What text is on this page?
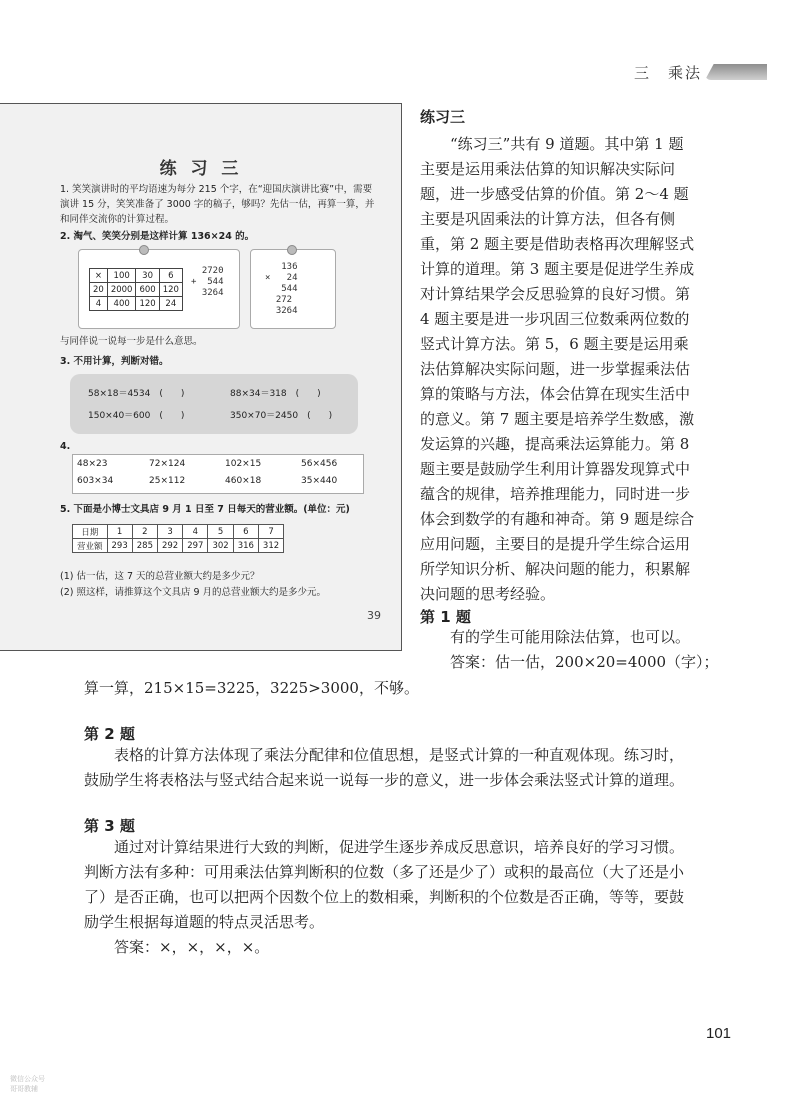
三　乘法
练 习 三
1. 笑笑演讲时的平均语速为每分 215 个字，在“迎国庆演讲比赛”中，需要演讲 15 分，笑笑准备了 3000 字的稿子，够吗？先估一估，再算一算，并和同伴交流你的计算过程。
2. 淘气、笑笑分别是这样计算 136×24 的。
×	100	30	6
20	2000	600	120
4	400	120	24
2720
+  544
3264
136
×   24
544
272
3264
与同伴说一说每一步是什么意思。
3. 不用计算，判断对错。
58×18＝4534　(　　)	88×34＝318　(　　)
150×40＝600　(　　)	350×70＝2450　(　　)
4.
48×23	72×124	102×15	56×456
603×34	25×112	460×18	35×440
5. 下面是小博士文具店 9 月 1 日至 7 日每天的营业额。(单位：元)
日期	1	2	3	4	5	6	7
营业额	293	285	292	297	302	316	312
(1) 估一估，这 7 天的总营业额大约是多少元？
(2) 照这样，请推算这个文具店 9 月的总营业额大约是多少元。
39
练习三
“练习三”共有 9 道题。其中第 1 题
主要是运用乘法估算的知识解决实际问
题，进一步感受估算的价值。第 2～4 题
主要是巩固乘法的计算方法，但各有侧
重，第 2 题主要是借助表格再次理解竖式
计算的道理。第 3 题主要是促进学生养成
对计算结果学会反思验算的良好习惯。第
4 题主要是进一步巩固三位数乘两位数的
竖式计算方法。第 5，6 题主要是运用乘
法估算解决实际问题，进一步掌握乘法估
算的策略与方法，体会估算在现实生活中
的意义。第 7 题主要是培养学生数感，激
发运算的兴趣，提高乘法运算能力。第 8
题主要是鼓励学生利用计算器发现算式中
蕴含的规律，培养推理能力，同时进一步
体会到数学的有趣和神奇。第 9 题是综合
应用问题，主要目的是提升学生综合运用
所学知识分析、解决问题的能力，积累解
决问题的思考经验。
第 1 题
有的学生可能用除法估算，也可以。
答案：估一估，200×20=4000（字）；
算一算，215×15=3225，3225>3000，不够。
第 2 题
表格的计算方法体现了乘法分配律和位值思想，是竖式计算的一种直观体现。练习时，
鼓励学生将表格法与竖式结合起来说一说每一步的意义，进一步体会乘法竖式计算的道理。
第 3 题
通过对计算结果进行大致的判断，促进学生逐步养成反思意识，培养良好的学习习惯。
判断方法有多种：可用乘法估算判断积的位数（多了还是少了）或积的最高位（大了还是小
了）是否正确，也可以把两个因数个位上的数相乘，判断积的个位数是否正确，等等，要鼓
励学生根据每道题的特点灵活思考。
答案：×，×，×，×。
101
微信公众号
哥哥教辅
